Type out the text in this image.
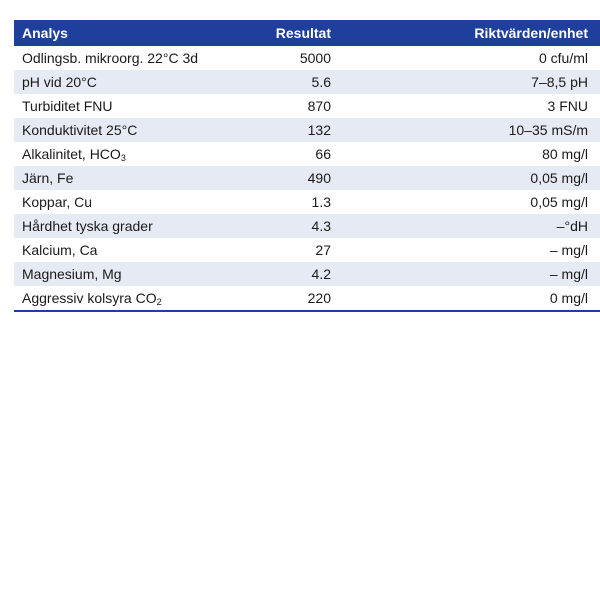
Analys	Resultat	Riktvärden/enhet
Odlingsb. mikroorg. 22°C 3d	5000	0 cfu/ml
pH vid 20°C	5.6	7–8,5 pH
Turbiditet FNU	870	3 FNU
Konduktivitet 25°C	132	10–35 mS/m
Alkalinitet, $HCO_3$	66	80 mg/l
Järn, Fe	490	0,05 mg/l
Koppar, Cu	1.3	0,05 mg/l
Hårdhet tyska grader	4.3	–°dH
Kalcium, Ca	27	– mg/l
Magnesium, Mg	4.2	– mg/l
Aggressiv kolsyra $CO_2$	220	0 mg/l
